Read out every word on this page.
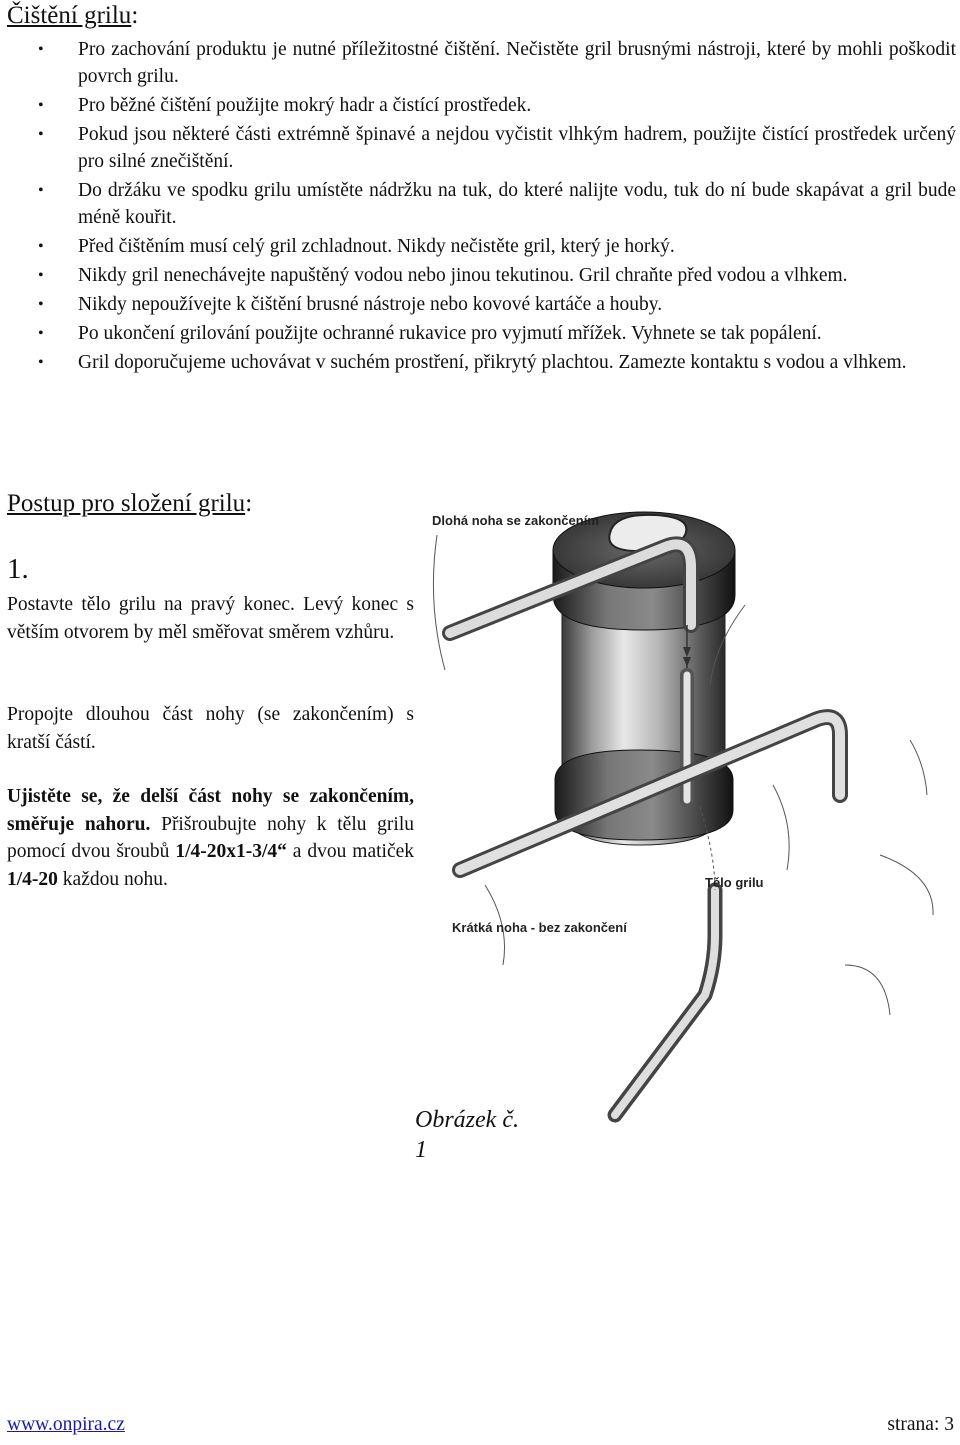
Čištění grilu:
• Pro zachování produktu je nutné příležitostné čištění. Nečistěte gril brusnými nástroji, které by mohli poškodit povrch grilu.
• Pro běžné čištění použijte mokrý hadr a čistící prostředek.
• Pokud jsou některé části extrémně špinavé a nejdou vyčistit vlhkým hadrem, použijte čistící prostředek určený pro silné znečištění.
• Do držáku ve spodku grilu umístěte nádržku na tuk, do které nalijte vodu, tuk do ní bude skapávat a gril bude méně kouřit.
• Před čištěním musí celý gril zchladnout. Nikdy nečistěte gril, který je horký.
• Nikdy gril nenechávejte napuštěný vodou nebo jinou tekutinou. Gril chraňte před vodou a vlhkem.
• Nikdy nepoužívejte k čištění brusné nástroje nebo kovové kartáče a houby.
• Po ukončení grilování použijte ochranné rukavice pro vyjmutí mřížek. Vyhnete se tak popálení.
• Gril doporučujeme uchovávat v suchém prostření, přikrytý plachtou. Zamezte kontaktu s vodou a vlhkem.
Postup pro složení grilu:
1.
Postavte tělo grilu na pravý konec. Levý konec s větším otvorem by měl směřovat směrem vzhůru.
Propojte dlouhou část nohy (se zakončením) s kratší částí.
Ujistěte se, že delší část nohy se zakončením, směřuje nahoru. Přišroubujte nohy k tělu grilu pomocí dvou šroubů 1/4-20x1-3/4“ a dvou matiček 1/4-20 každou nohu.
Dlohá noha se zakončením
Tělo grilu
Krátká noha - bez zakončení
Obrázek č. 1
www.onpira.cz	strana: 3
